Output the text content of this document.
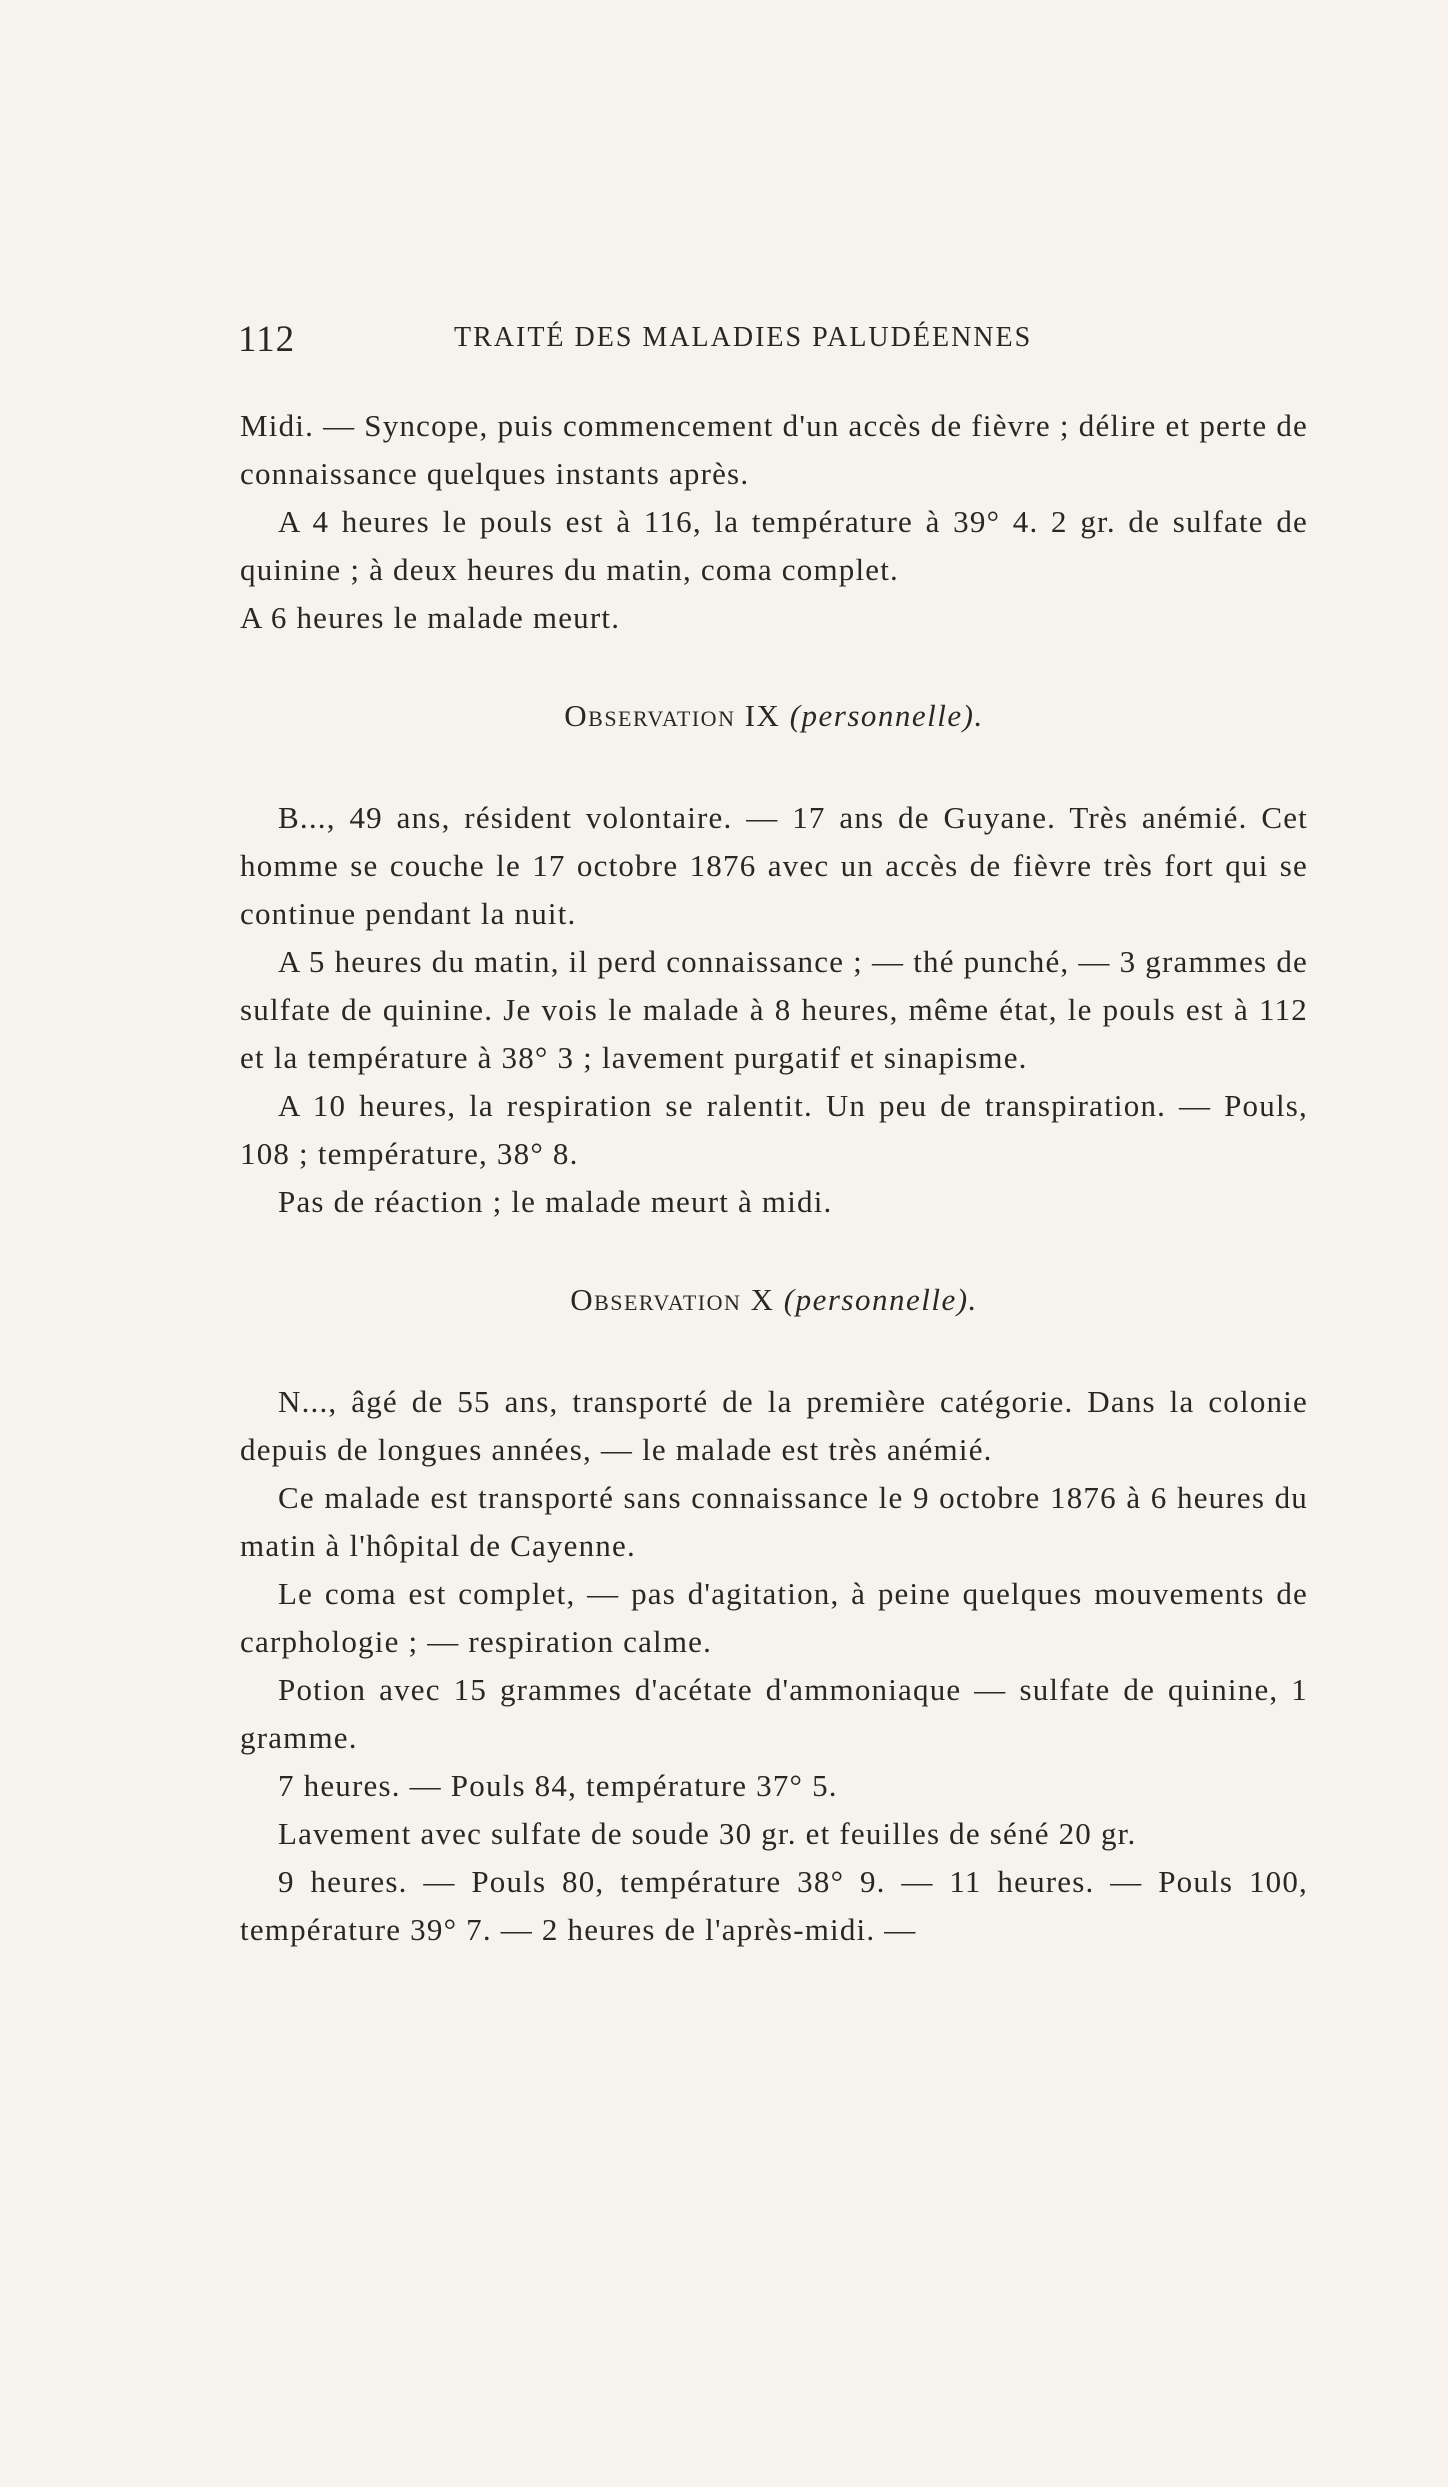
112	TRAITÉ DES MALADIES PALUDÉENNES

Midi. — Syncope, puis commencement d'un accès de fièvre ; délire et perte de connaissance quelques instants après.

A 4 heures le pouls est à 116, la température à 39° 4. 2 gr. de sulfate de quinine ; à deux heures du matin, coma complet.

A 6 heures le malade meurt.

Observation IX (personnelle).

B..., 49 ans, résident volontaire. — 17 ans de Guyane. Très anémié. Cet homme se couche le 17 octobre 1876 avec un accès de fièvre très fort qui se continue pendant la nuit.

A 5 heures du matin, il perd connaissance ; — thé punché, — 3 grammes de sulfate de quinine. Je vois le malade à 8 heures, même état, le pouls est à 112 et la température à 38° 3 ; lavement purgatif et sinapisme.

A 10 heures, la respiration se ralentit. Un peu de transpiration. — Pouls, 108 ; température, 38° 8.

Pas de réaction ; le malade meurt à midi.

Observation X (personnelle).

N..., âgé de 55 ans, transporté de la première catégorie. Dans la colonie depuis de longues années, — le malade est très anémié.

Ce malade est transporté sans connaissance le 9 octobre 1876 à 6 heures du matin à l'hôpital de Cayenne.

Le coma est complet, — pas d'agitation, à peine quelques mouvements de carphologie ; — respiration calme.

Potion avec 15 grammes d'acétate d'ammoniaque — sulfate de quinine, 1 gramme.

7 heures. — Pouls 84, température 37° 5.

Lavement avec sulfate de soude 30 gr. et feuilles de séné 20 gr.

9 heures. — Pouls 80, température 38° 9. — 11 heures. — Pouls 100, température 39° 7. — 2 heures de l'après-midi. —
